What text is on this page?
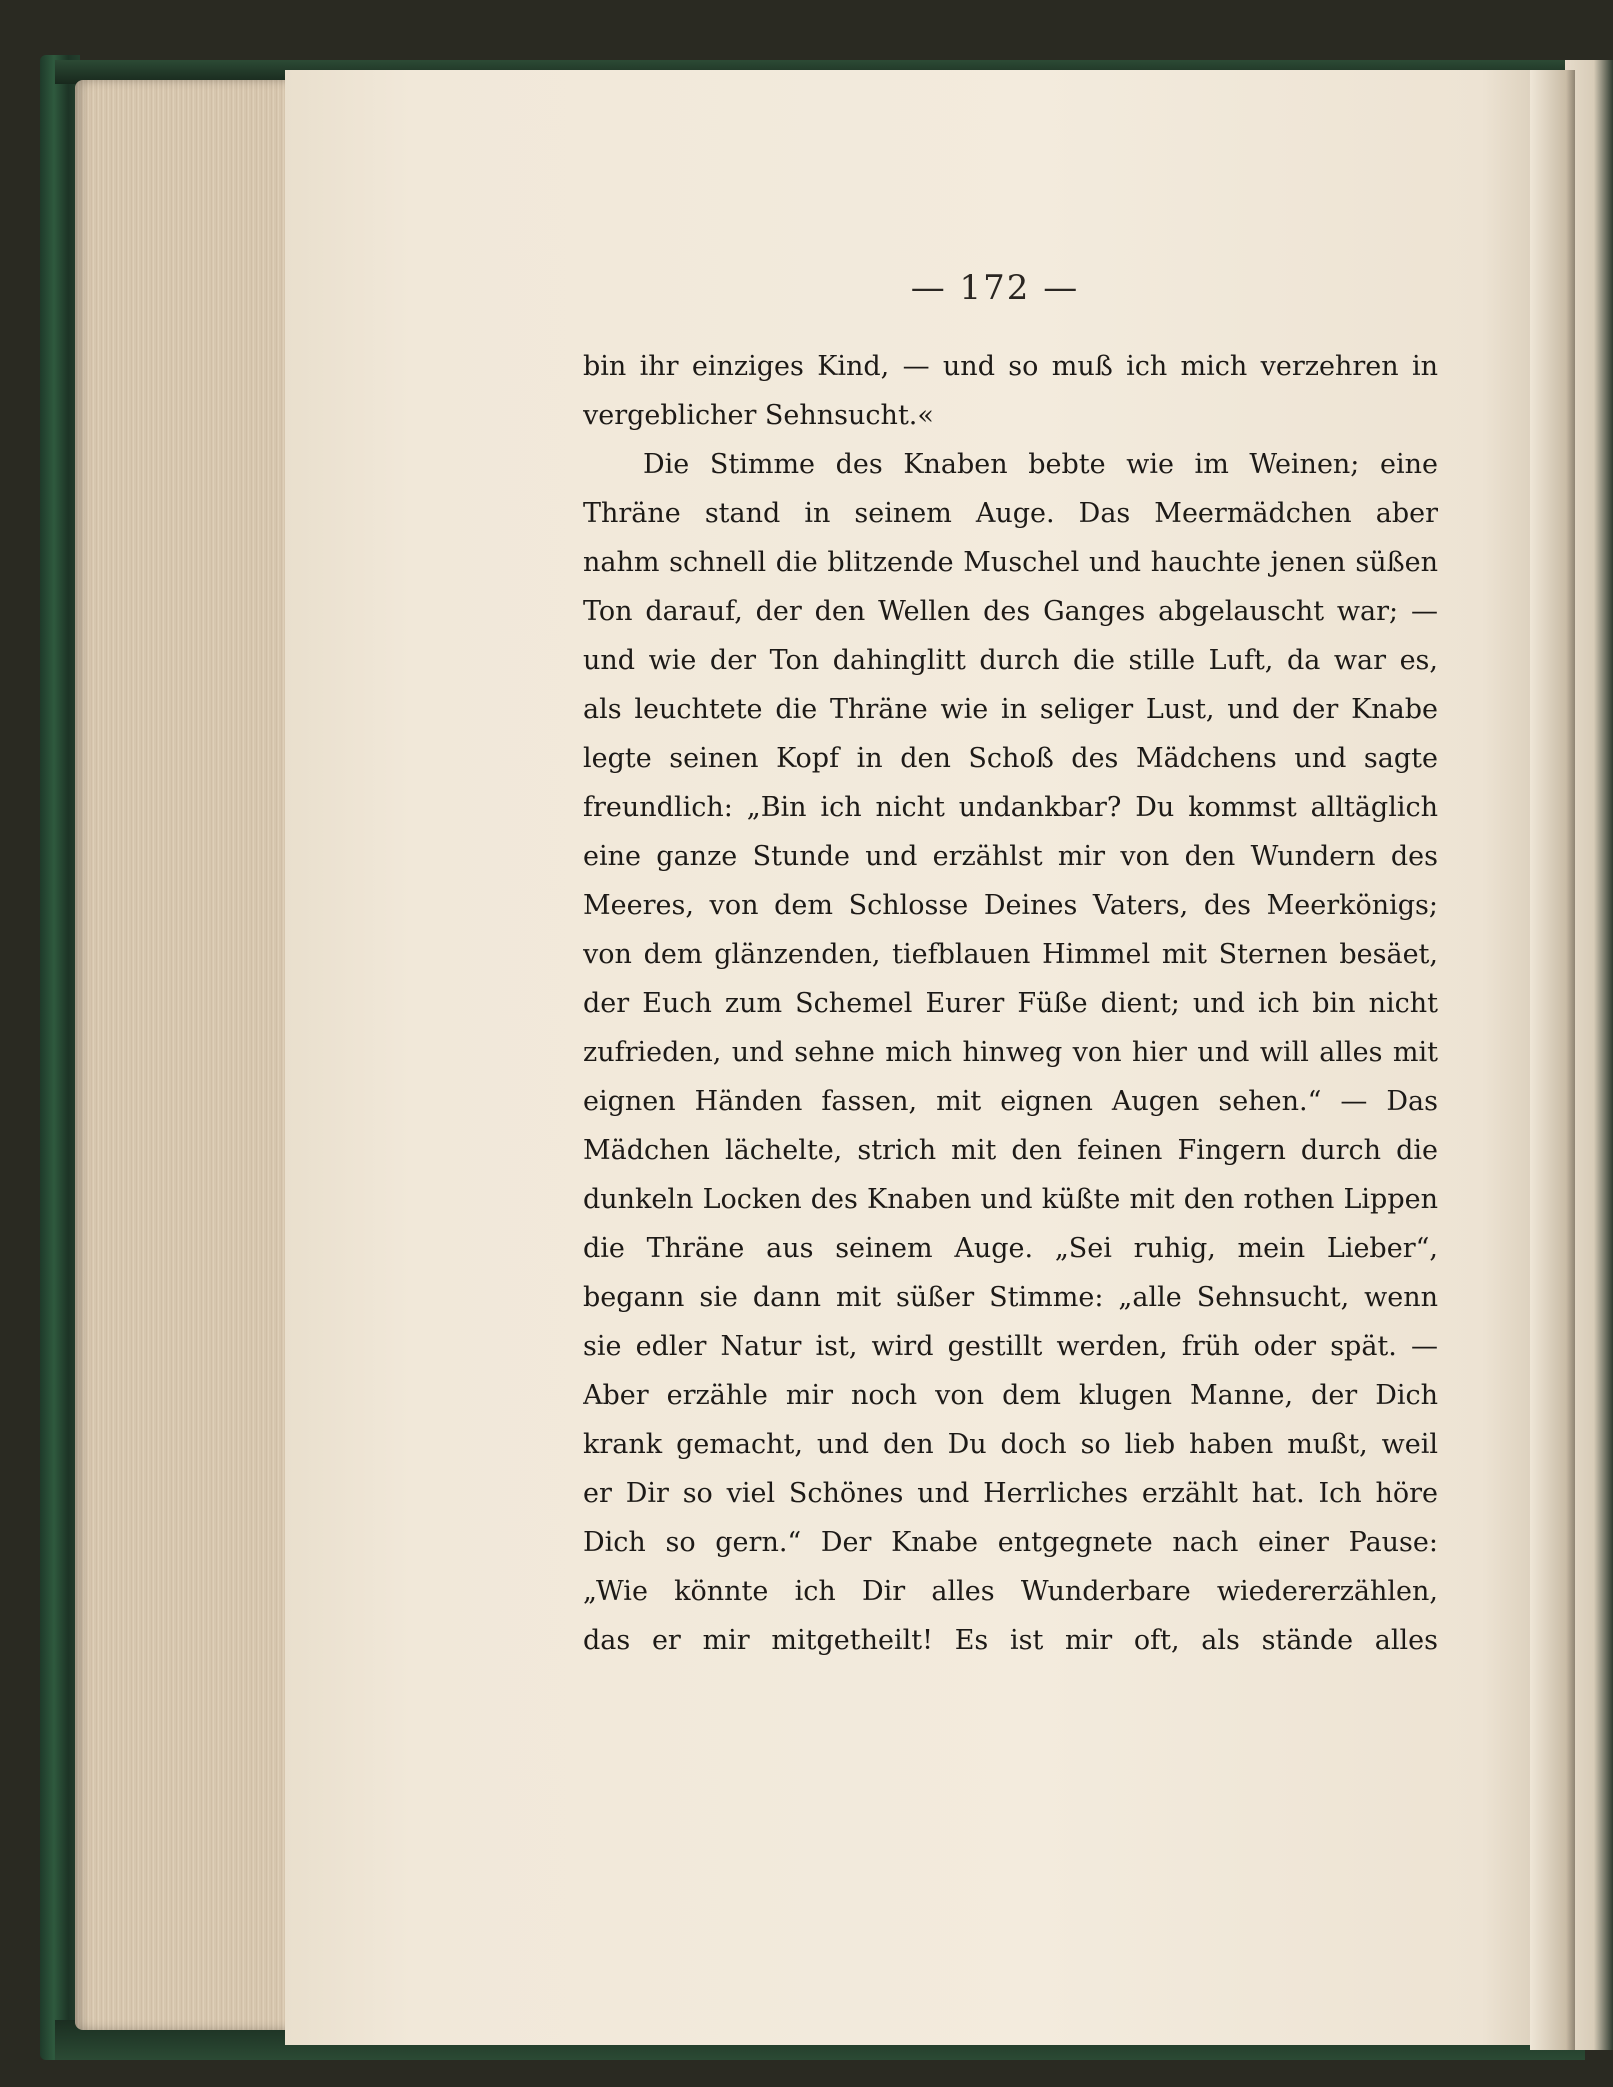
— 172 —
bin ihr einziges Kind, — und so muß ich mich verzehren in
vergeblicher Sehnsucht.«
Die Stimme des Knaben bebte wie im Weinen; eine
Thräne stand in seinem Auge. Das Meermädchen aber
nahm schnell die blitzende Muschel und hauchte jenen süßen
Ton darauf, der den Wellen des Ganges abgelauscht war; —
und wie der Ton dahinglitt durch die stille Luft, da war es,
als leuchtete die Thräne wie in seliger Lust, und der Knabe
legte seinen Kopf in den Schoß des Mädchens und sagte
freundlich: „Bin ich nicht undankbar? Du kommst alltäglich
eine ganze Stunde und erzählst mir von den Wundern des
Meeres, von dem Schlosse Deines Vaters, des Meerkönigs;
von dem glänzenden, tiefblauen Himmel mit Sternen besäet,
der Euch zum Schemel Eurer Füße dient; und ich bin nicht
zufrieden, und sehne mich hinweg von hier und will alles mit
eignen Händen fassen, mit eignen Augen sehen.“ — Das
Mädchen lächelte, strich mit den feinen Fingern durch die
dunkeln Locken des Knaben und küßte mit den rothen Lippen
die Thräne aus seinem Auge. „Sei ruhig, mein Lieber“,
begann sie dann mit süßer Stimme: „alle Sehnsucht, wenn
sie edler Natur ist, wird gestillt werden, früh oder spät. —
Aber erzähle mir noch von dem klugen Manne, der Dich
krank gemacht, und den Du doch so lieb haben mußt, weil
er Dir so viel Schönes und Herrliches erzählt hat. Ich höre
Dich so gern.“ Der Knabe entgegnete nach einer Pause:
„Wie könnte ich Dir alles Wunderbare wiedererzählen,
das er mir mitgetheilt! Es ist mir oft, als stände alles
